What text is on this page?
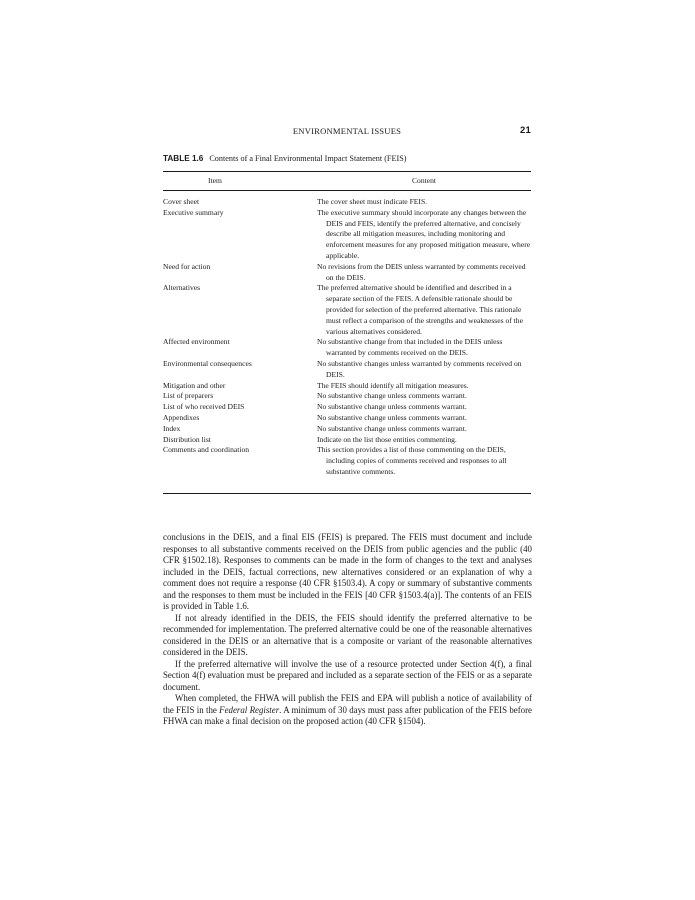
ENVIRONMENTAL ISSUES	21
TABLE 1.6 Contents of a Final Environmental Impact Statement (FEIS)
Item	Content
Cover sheet	The cover sheet must indicate FEIS.
Executive summary	The executive summary should incorporate any changes between the DEIS and FEIS, identify the preferred alternative, and concisely describe all mitigation measures, including monitoring and enforcement measures for any proposed mitigation measure, where applicable.
Need for action	No revisions from the DEIS unless warranted by comments received on the DEIS.
Alternatives	The preferred alternative should be identified and described in a separate section of the FEIS. A defensible rationale should be provided for selection of the preferred alternative. This rationale must reflect a comparison of the strengths and weaknesses of the various alternatives considered.
Affected environment	No substantive change from that included in the DEIS unless warranted by comments received on the DEIS.
Environmental consequences	No substantive changes unless warranted by comments received on DEIS.
Mitigation and other	The FEIS should identify all mitigation measures.
List of preparers	No substantive change unless comments warrant.
List of who received DEIS	No substantive change unless comments warrant.
Appendixes	No substantive change unless comments warrant.
Index	No substantive change unless comments warrant.
Distribution list	Indicate on the list those entities commenting.
Comments and coordination	This section provides a list of those commenting on the DEIS, including copies of comments received and responses to all substantive comments.

conclusions in the DEIS, and a final EIS (FEIS) is prepared. The FEIS must document and include responses to all substantive comments received on the DEIS from public agencies and the public (40 CFR §1502.18). Responses to comments can be made in the form of changes to the text and analyses included in the DEIS, factual corrections, new alternatives considered or an explanation of why a comment does not require a response (40 CFR §1503.4). A copy or summary of substantive comments and the responses to them must be included in the FEIS [40 CFR §1503.4(a)]. The contents of an FEIS is provided in Table 1.6.

If not already identified in the DEIS, the FEIS should identify the preferred alternative to be recommended for implementation. The preferred alternative could be one of the reasonable alternatives considered in the DEIS or an alternative that is a composite or variant of the reasonable alternatives considered in the DEIS.

If the preferred alternative will involve the use of a resource protected under Section 4(f), a final Section 4(f) evaluation must be prepared and included as a separate section of the FEIS or as a separate document.

When completed, the FHWA will publish the FEIS and EPA will publish a notice of availability of the FEIS in the Federal Register. A minimum of 30 days must pass after publication of the FEIS before FHWA can make a final decision on the proposed action (40 CFR §1504).
